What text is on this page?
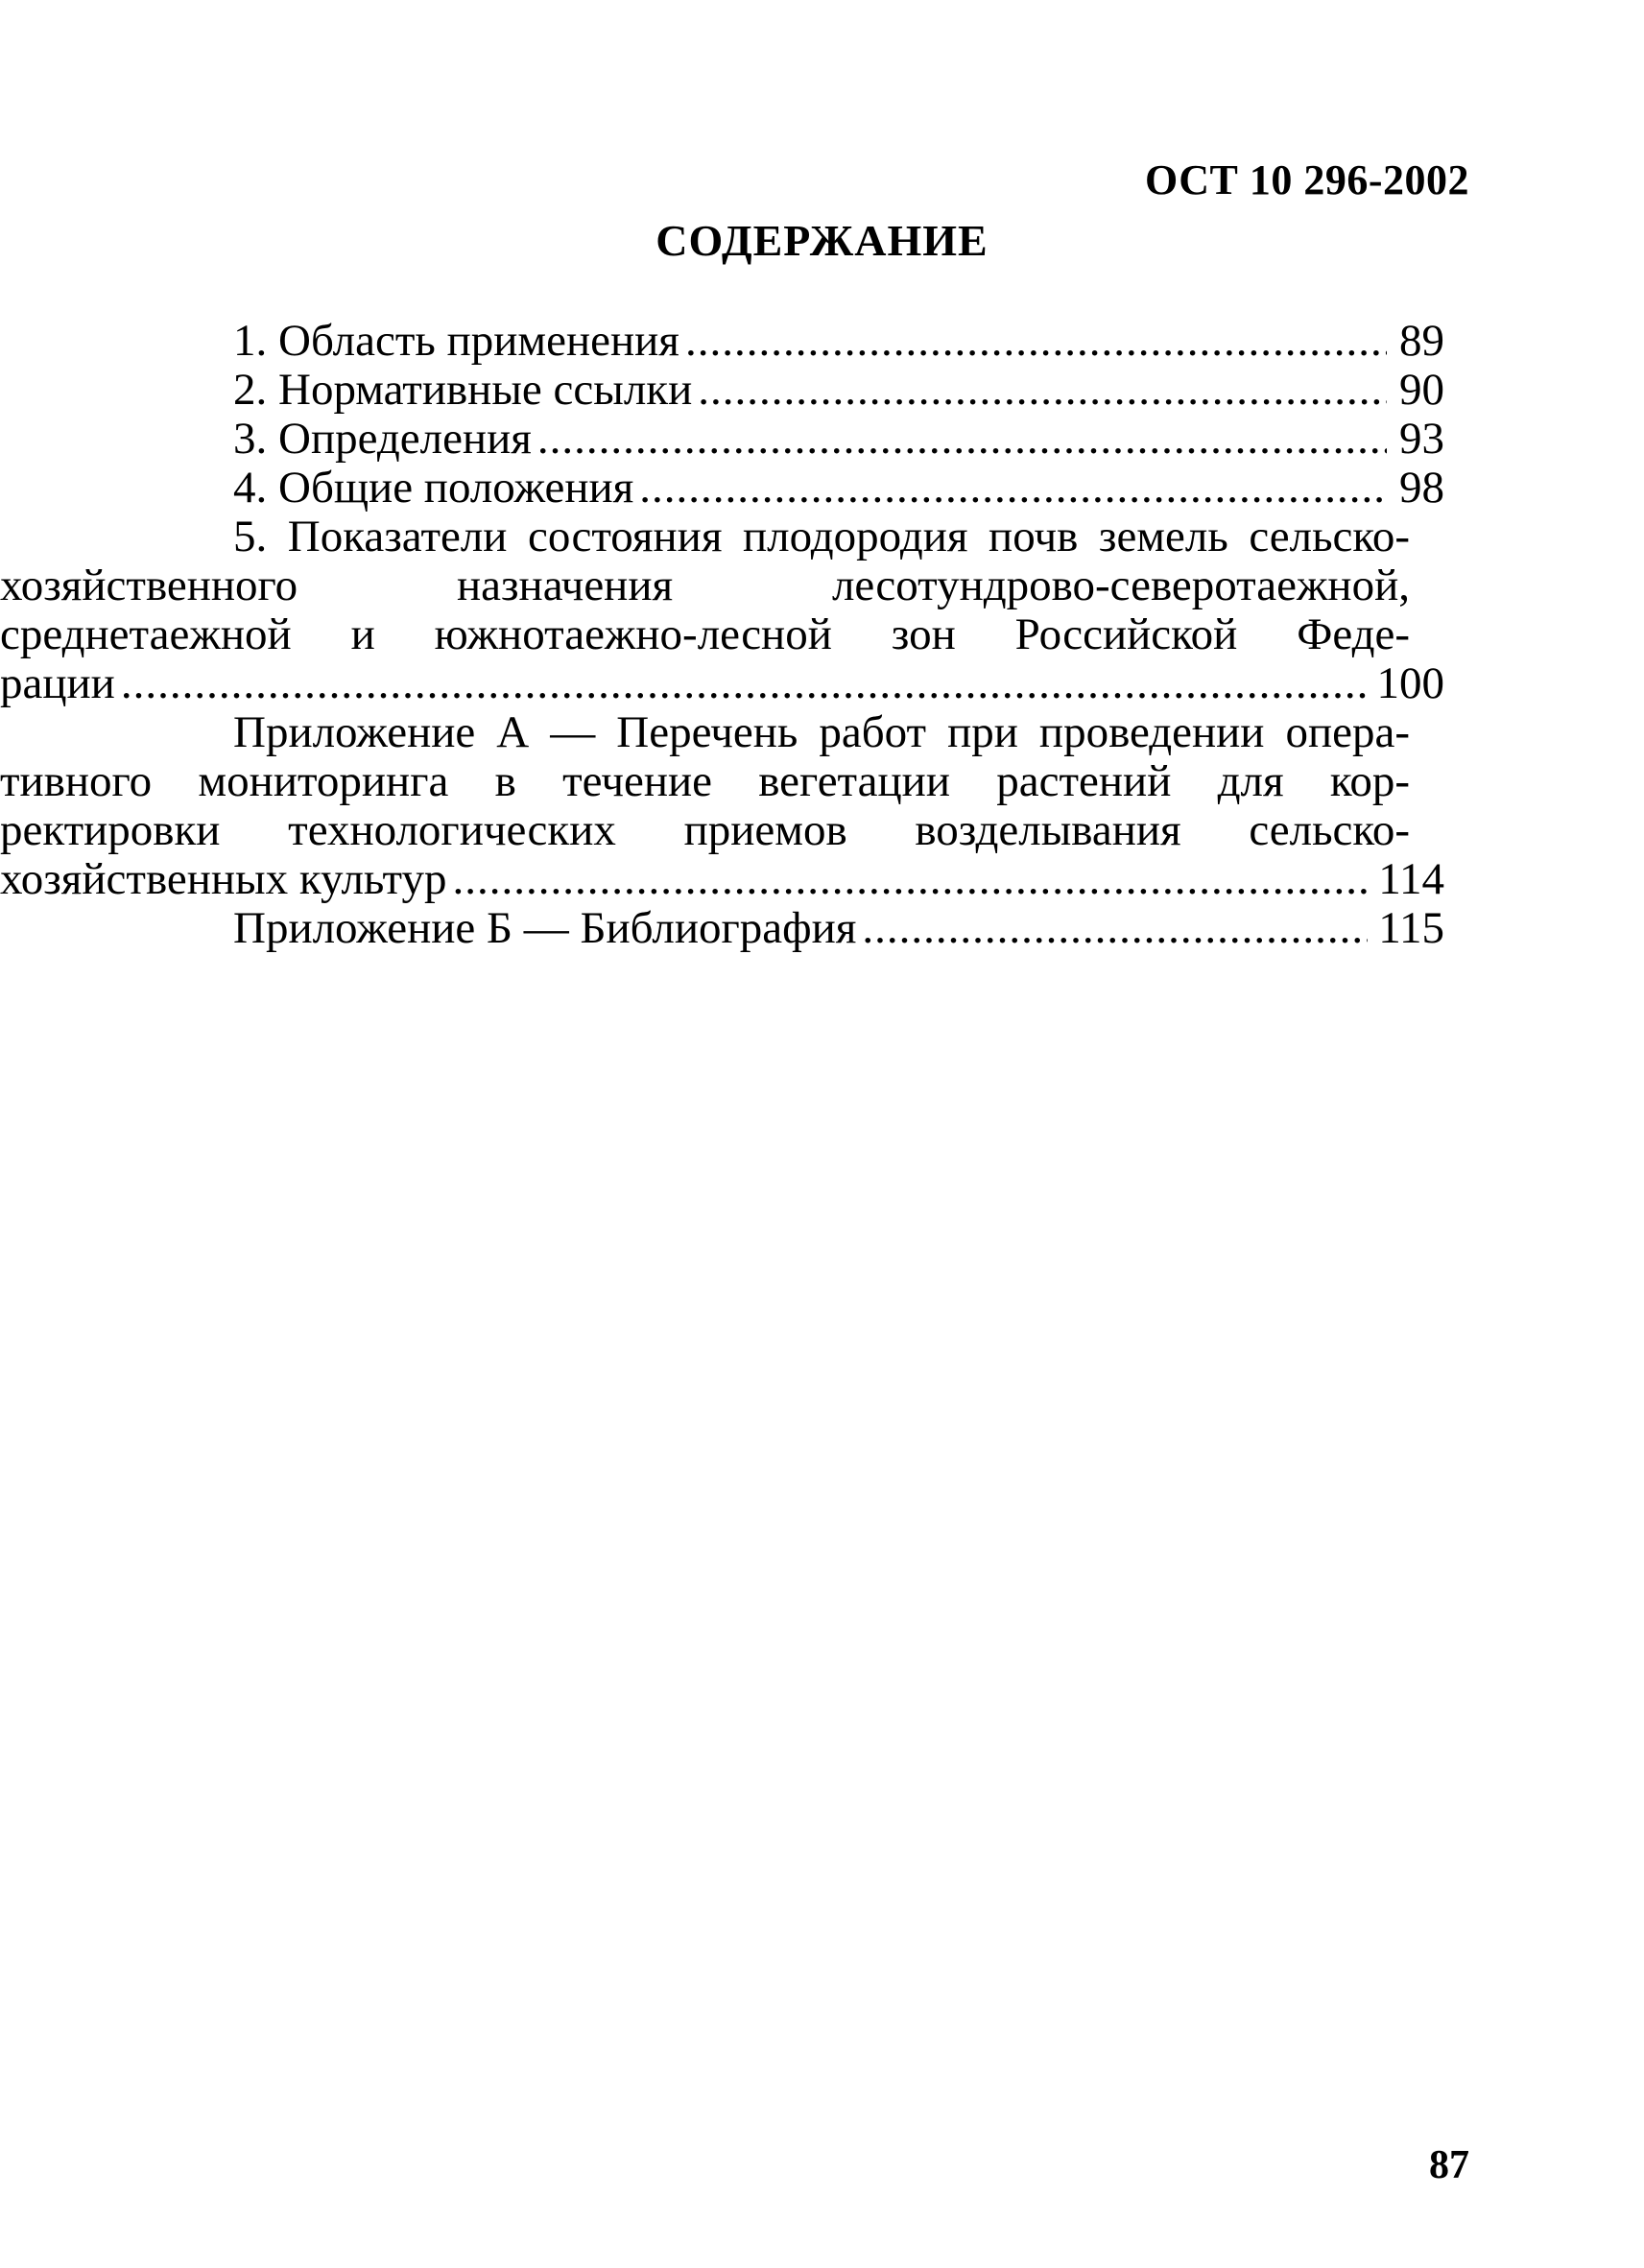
ОСТ 10 296-2002
СОДЕРЖАНИЕ
1. Область применения .....	89
2. Нормативные ссылки .....	90
3. Определения .....	93
4. Общие положения .....	98
5. Показатели состояния плодородия почв земель сельско-
хозяйственного назначения лесотундрово-северотаежной,
среднетаежной и южнотаежно-лесной зон Российской Феде-
рации .....	100
Приложение А — Перечень работ при проведении опера-
тивного мониторинга в течение вегетации растений для кор-
ректировки технологических приемов возделывания сельско-
хозяйственных культур .....	114
Приложение Б — Библиография .....	115
87
